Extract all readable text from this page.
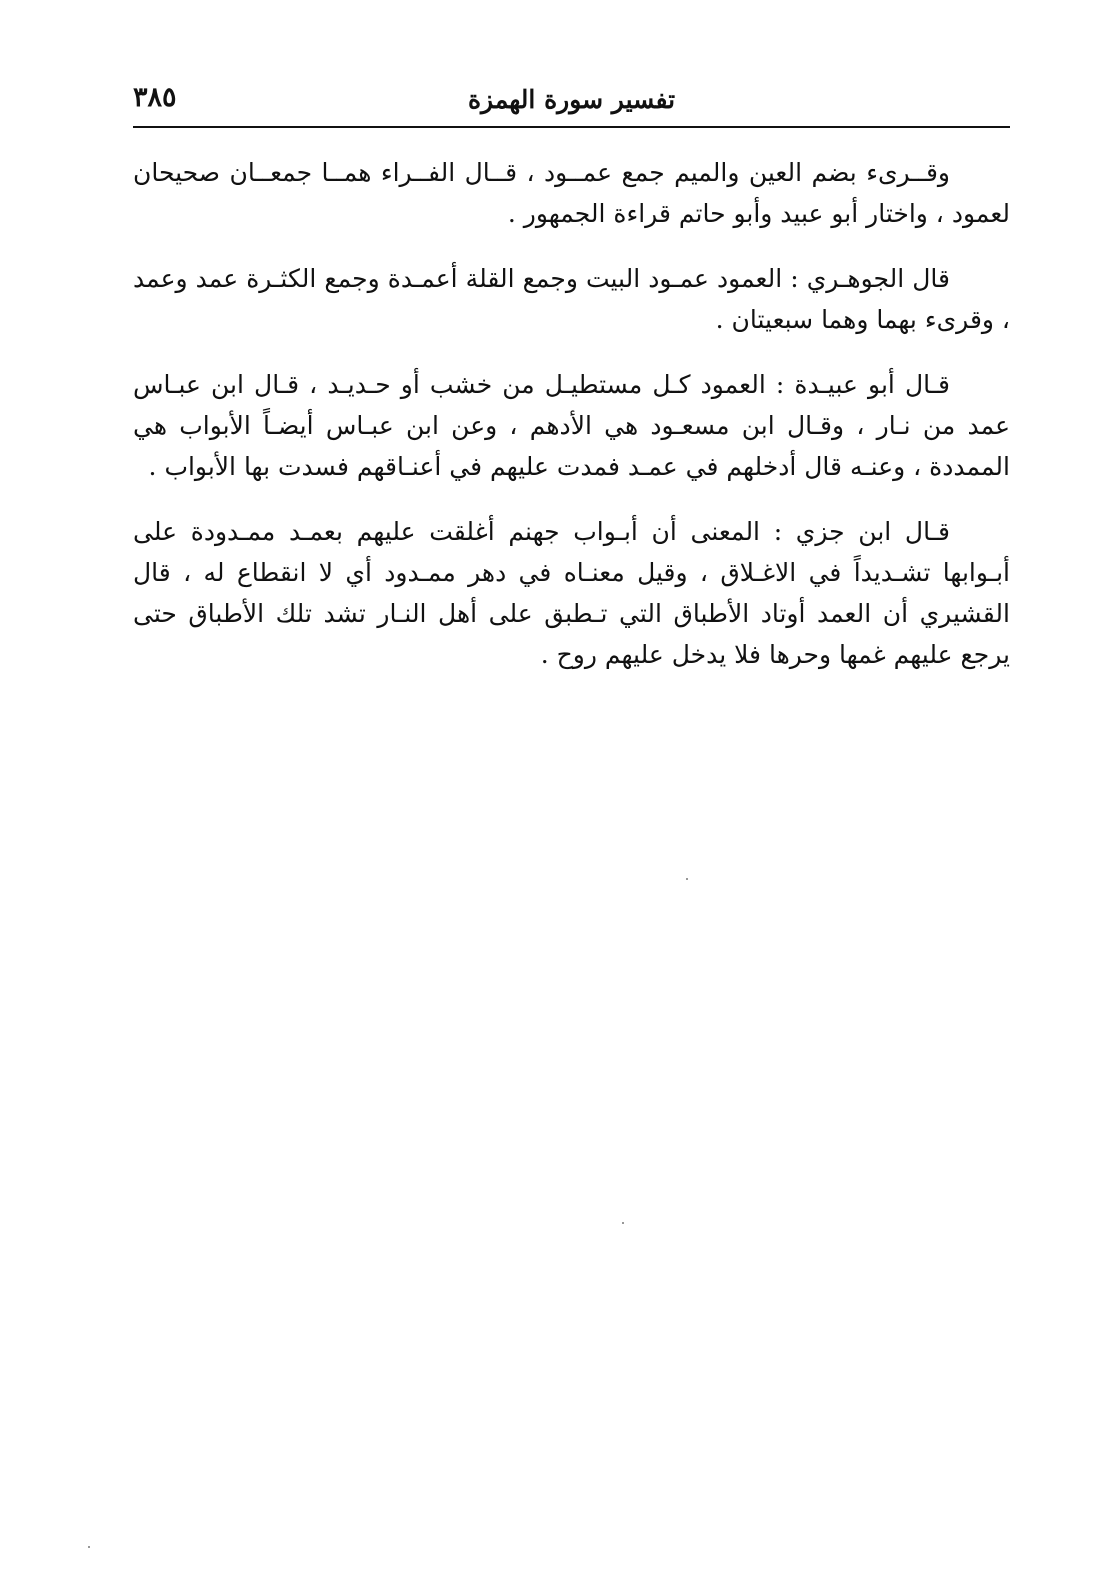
تفسير سورة الهمزة
٣٨٥

وقــرىء بضم العين والميم جمع عمــود ، قــال الفــراء همــا جمعــان صحيحان لعمود ، واختار أبو عبيد وأبو حاتم قراءة الجمهور .

قال الجوهـري : العمود عمـود البيت وجمع القلة أعمـدة وجمع الكثـرة عمد وعمد ، وقرىء بهما وهما سبعيتان .

قـال أبو عبيـدة : العمود كـل مستطيـل من خشب أو حـديـد ، قـال ابن عبـاس عمد من نـار ، وقـال ابن مسعـود هي الأدهم ، وعن ابن عبـاس أيضـاً الأبواب هي الممددة ، وعنـه قال أدخلهم في عمـد فمدت عليهم في أعنـاقهم فسدت بها الأبواب .

قـال ابن جزي : المعنى أن أبـواب جهنم أغلقت عليهم بعمـد ممـدودة على أبـوابها تشـديداً في الاغـلاق ، وقيل معنـاه في دهر ممـدود أي لا انقطاع له ، قال القشيري أن العمد أوتاد الأطباق التي تـطبق على أهل النـار تشد تلك الأطباق حتى يرجع عليهم غمها وحرها فلا يدخل عليهم روح .
